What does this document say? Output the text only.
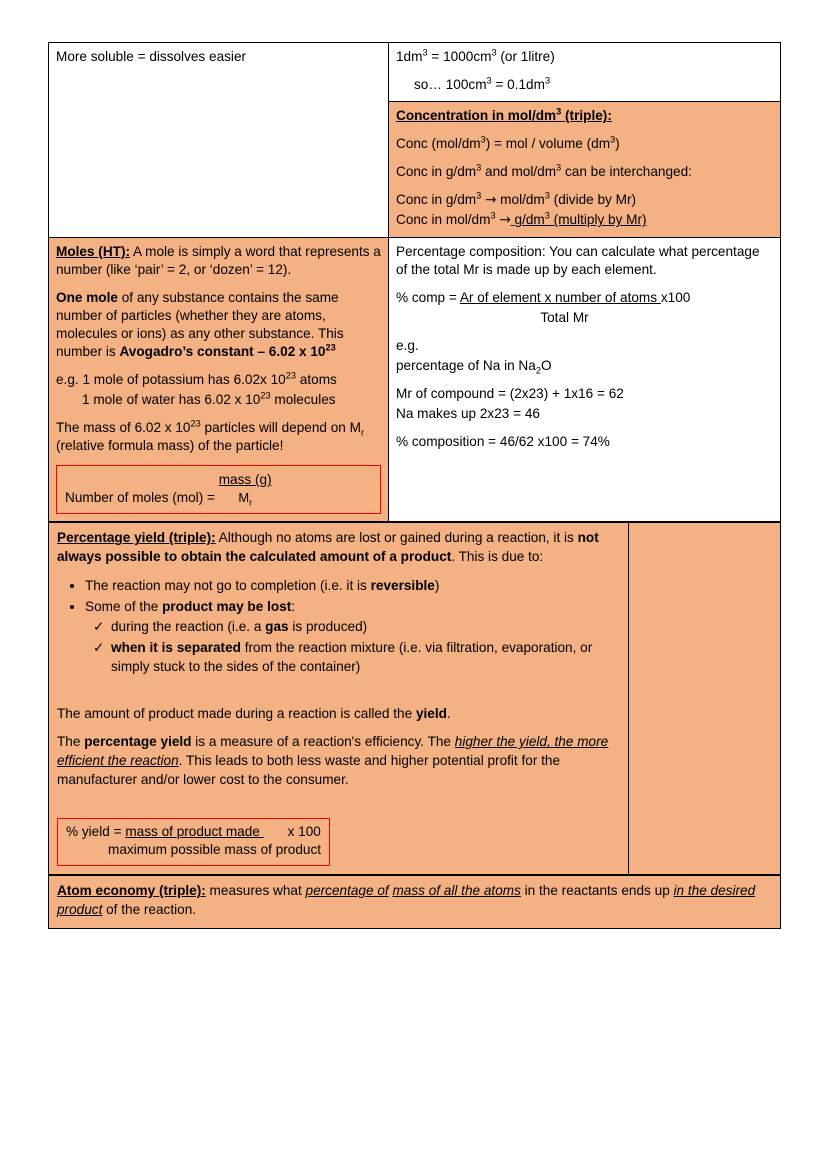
More soluble = dissolves easier	$1dm^3 = 1000cm^3$ (or 1litre)

so… $100cm^3 = 0.1dm^3$

	Concentration in mol/$dm^3$ (triple):

Conc $(mol/dm^3)$ = mol / volume $(dm^3)$

Conc in $g/dm^3$ and mol/$dm^3$ can be interchanged:

Conc in $g/dm^3 \to mol/dm^3$ (divide by Mr)

Conc in mol/$dm^3 \to g/dm^3$ (multiply by Mr)

Moles (HT): A mole is simply a word that represents a number (like ‘pair’ = 2, or ‘dozen’ = 12).

One mole of any substance contains the same number of particles (whether they are atoms, molecules or ions) as any other substance. This number is Avogadro’s constant – 6.02 x $10^{23}$

e.g. 1 mole of potassium has 6.02x $10^{23}$ atoms

1 mole of water has 6.02 x $10^{23}$ molecules

The mass of 6.02 x $10^{23}$ particles will depend on $M_r$ (relative formula mass) of the particle!

Number of moles $(mol) = \frac{\text{mass (g)}}{M_r}$

Percentage composition: You can calculate what percentage of the total Mr is made up by each element.

% comp = Ar of element x number of atoms x100

Total Mr

e.g.

percentage of Na in $Na_2O$

Mr of compound = (2x23) + 1x16 = 62

Na makes up 2x23 = 46

% composition = 46/62 x100 = 74%

Percentage yield (triple): Although no atoms are lost or gained during a reaction, it is not always possible to obtain the calculated amount of a product. This is due to:

• The reaction may not go to completion (i.e. it is reversible)
• Some of the product may be lost:
✓ during the reaction (i.e. a gas is produced)
✓ when it is separated from the reaction mixture (i.e. via filtration, evaporation, or simply stuck to the sides of the container)

The amount of product made during a reaction is called the yield.

The percentage yield is a measure of a reaction's efficiency. The higher the yield, the more efficient the reaction. This leads to both less waste and higher potential profit for the manufacturer and/or lower cost to the consumer.

% yield = mass of product made x 100
maximum possible mass of product

Atom economy (triple): measures what percentage of mass of all the atoms in the reactants ends up in the desired product of the reaction.
